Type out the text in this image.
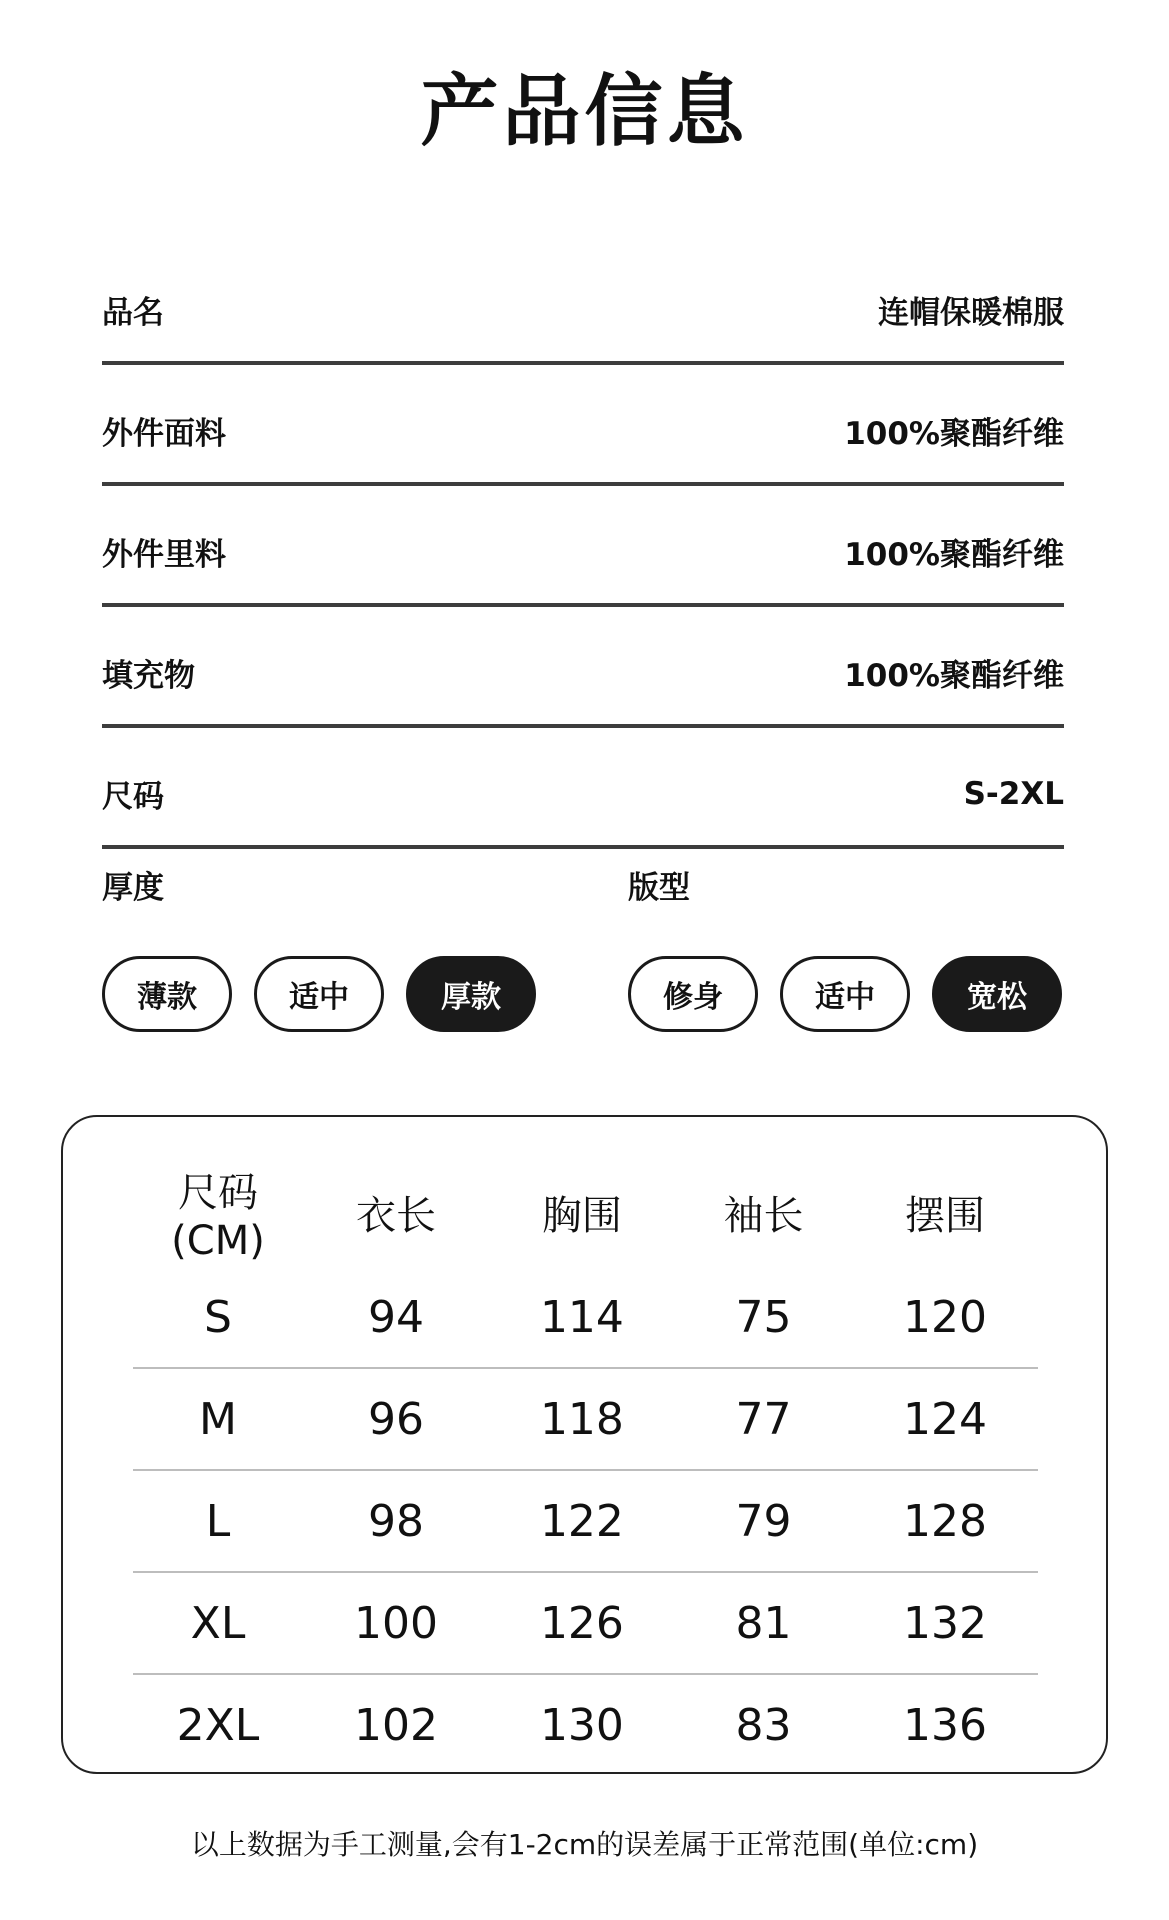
产品信息
品名	连帽保暖棉服
外件面料	100%聚酯纤维
外件里料	100%聚酯纤维
填充物	100%聚酯纤维
尺码	S-2XL
厚度
薄款	适中	厚款
版型
修身	适中	宽松
尺码 (CM)	衣长	胸围	袖长	摆围
S	94	114	75	120
M	96	118	77	124
L	98	122	79	128
XL	100	126	81	132
2XL	102	130	83	136
以上数据为手工测量,会有1-2cm的误差属于正常范围(单位:cm)
